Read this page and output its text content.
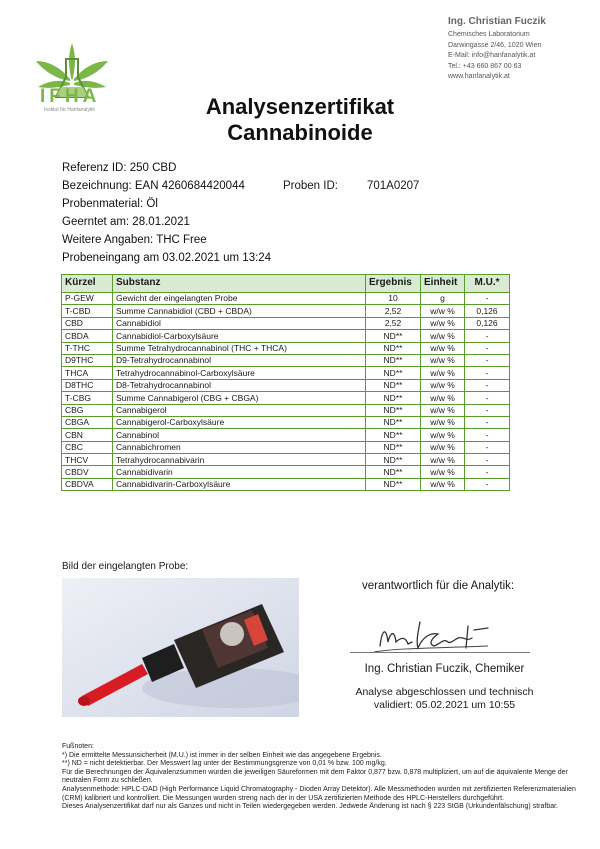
IFHA
Institut für Hanfanalytik
Ing. Christian Fuczik
Chemisches Laboratorium
Darwingasse 2/46, 1020 Wien
E-Mail: info@hanfanalytik.at
Tel.: +43 660 867 00 63
www.hanfanalytik.at
Analysenzertifikat
Cannabinoide
Referenz ID: 250 CBD
Bezeichnung: EAN 4260684420044	Proben ID:	701A0207
Probenmaterial: Öl
Geerntet am: 28.01.2021
Weitere Angaben: THC Free
Probeneingang am 03.02.2021 um 13:24
Kürzel	Substanz	Ergebnis	Einheit	M.U.*
P-GEW	Gewicht der eingelangten Probe	10	g	-
T-CBD	Summe Cannabidiol (CBD + CBDA)	2,52	w/w %	0,126
CBD	Cannabidiol	2,52	w/w %	0,126
CBDA	Cannabidiol-Carboxylsäure	ND**	w/w %	-
T-THC	Summe Tetrahydrocannabinol (THC + THCA)	ND**	w/w %	-
D9THC	D9-Tetrahydrocannabinol	ND**	w/w %	-
THCA	Tetrahydrocannabinol-Carboxylsäure	ND**	w/w %	-
D8THC	D8-Tetrahydrocannabinol	ND**	w/w %	-
T-CBG	Summe Cannabigerol (CBG + CBGA)	ND**	w/w %	-
CBG	Cannabigerol	ND**	w/w %	-
CBGA	Cannabigerol-Carboxylsäure	ND**	w/w %	-
CBN	Cannabinol	ND**	w/w %	-
CBC	Cannabichromen	ND**	w/w %	-
THCV	Tetrahydrocannabivarin	ND**	w/w %	-
CBDV	Cannabidivarin	ND**	w/w %	-
CBDVA	Cannabidivarin-Carboxylsäure	ND**	w/w %	-
Bild der eingelangten Probe:
verantwortlich für die Analytik:
Ing. Christian Fuczik, Chemiker
Analyse abgeschlossen und technisch
validiert: 05.02.2021 um 10:55

Fußnoten:

*) Die ermittelte Messunsicherheit (M.U.) ist immer in der selben Einheit wie das angegebene Ergebnis.

**) ND = nicht detektierbar. Der Messwert lag unter der Bestimmungsgrenze von 0,01 % bzw. 100 mg/kg.

Für die Berechnungen der Äquivalenzsummen wurden die jeweiligen Säureformen mit dem Faktor 0,877 bzw. 0,878 multipliziert, um auf die äquivalente Menge der neutralen Form zu schließen.

Analysenmethode: HPLC-DAD (High Performance Liquid Chromatography - Dioden Array Detektor). Alle Messmethoden wurden mit zertifizierten Referenzmaterialien (CRM) kalibriert und kontrolliert. Die Messungen wurden streng nach der in der USA zertifizierten Methode des HPLC-Herstellers durchgeführt.

Dieses Analysenzertifikat darf nur als Ganzes und nicht in Teilen wiedergegeben werden. Jedwede Änderung ist nach § 223 StGB (Urkundenfälschung) strafbar.
